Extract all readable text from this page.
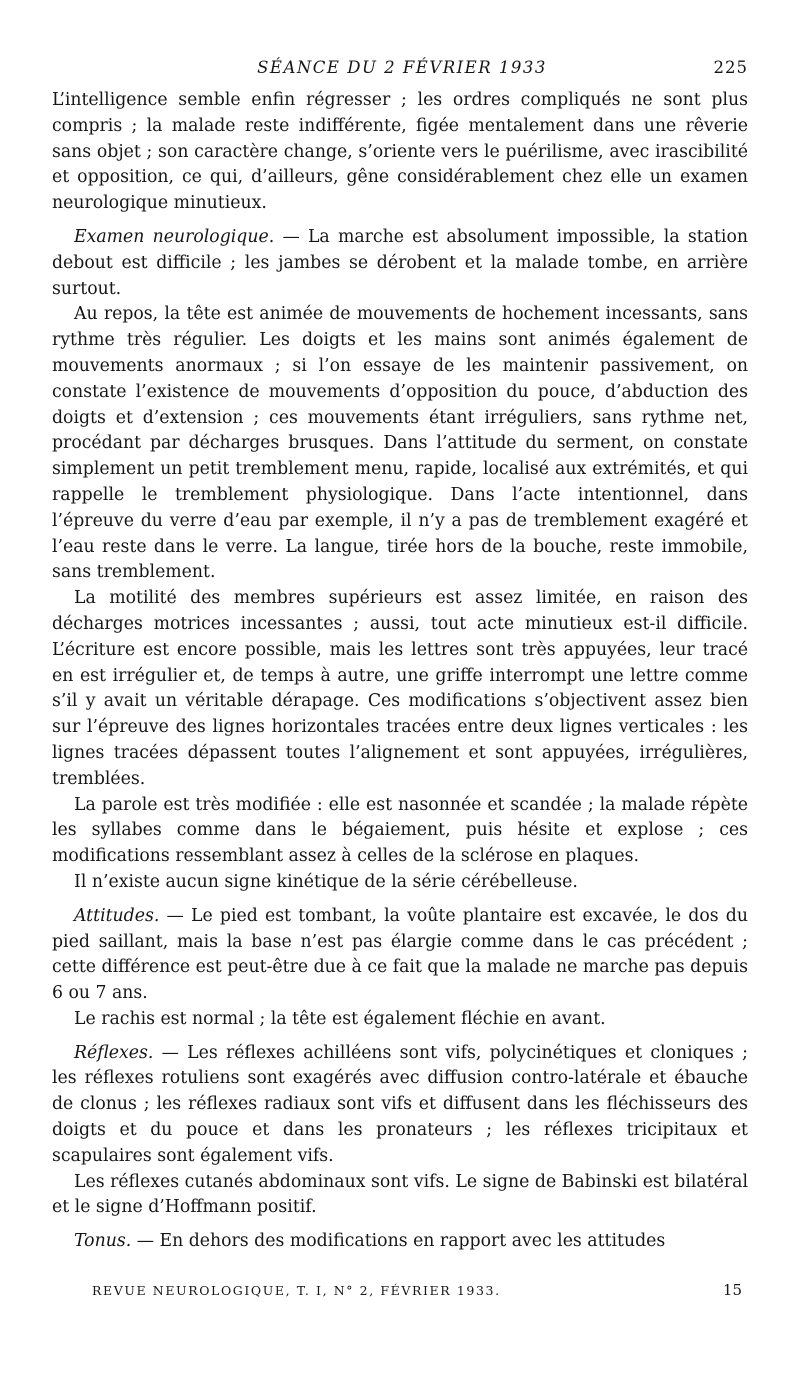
SÉANCE DU 2 FÉVRIER 1933	225

L’intelligence semble enfin régresser ; les ordres compliqués ne sont plus compris ; la malade reste indifférente, figée mentalement dans une rêverie sans objet ; son caractère change, s’oriente vers le puérilisme, avec irascibilité et opposition, ce qui, d’ailleurs, gêne considérablement chez elle un examen neurologique minutieux.

Examen neurologique. — La marche est absolument impossible, la station debout est difficile ; les jambes se dérobent et la malade tombe, en arrière surtout.

Au repos, la tête est animée de mouvements de hochement incessants, sans rythme très régulier. Les doigts et les mains sont animés également de mouvements anormaux ; si l’on essaye de les maintenir passivement, on constate l’existence de mouvements d’opposition du pouce, d’abduction des doigts et d’extension ; ces mouvements étant irréguliers, sans rythme net, procédant par décharges brusques. Dans l’attitude du serment, on constate simplement un petit tremblement menu, rapide, localisé aux extrémités, et qui rappelle le tremblement physiologique. Dans l’acte intentionnel, dans l’épreuve du verre d’eau par exemple, il n’y a pas de tremblement exagéré et l’eau reste dans le verre. La langue, tirée hors de la bouche, reste immobile, sans tremblement.

La motilité des membres supérieurs est assez limitée, en raison des décharges motrices incessantes ; aussi, tout acte minutieux est-il difficile. L’écriture est encore possible, mais les lettres sont très appuyées, leur tracé en est irrégulier et, de temps à autre, une griffe interrompt une lettre comme s’il y avait un véritable dérapage. Ces modifications s’objectivent assez bien sur l’épreuve des lignes horizontales tracées entre deux lignes verticales : les lignes tracées dépassent toutes l’alignement et sont appuyées, irrégulières, tremblées.

La parole est très modifiée : elle est nasonnée et scandée ; la malade répète les syllabes comme dans le bégaiement, puis hésite et explose ; ces modifications ressemblant assez à celles de la sclérose en plaques.

Il n’existe aucun signe kinétique de la série cérébelleuse.

Attitudes. — Le pied est tombant, la voûte plantaire est excavée, le dos du pied saillant, mais la base n’est pas élargie comme dans le cas précédent ; cette différence est peut-être due à ce fait que la malade ne marche pas depuis 6 ou 7 ans.

Le rachis est normal ; la tête est également fléchie en avant.

Réflexes. — Les réflexes achilléens sont vifs, polycinétiques et cloniques ; les réflexes rotuliens sont exagérés avec diffusion contro-latérale et ébauche de clonus ; les réflexes radiaux sont vifs et diffusent dans les fléchisseurs des doigts et du pouce et dans les pronateurs ; les réflexes tricipitaux et scapulaires sont également vifs.

Les réflexes cutanés abdominaux sont vifs. Le signe de Babinski est bilatéral et le signe d’Hoffmann positif.

Tonus. — En dehors des modifications en rapport avec les attitudes

REVUE NEUROLOGIQUE, T. I, N° 2, FÉVRIER 1933.	15
